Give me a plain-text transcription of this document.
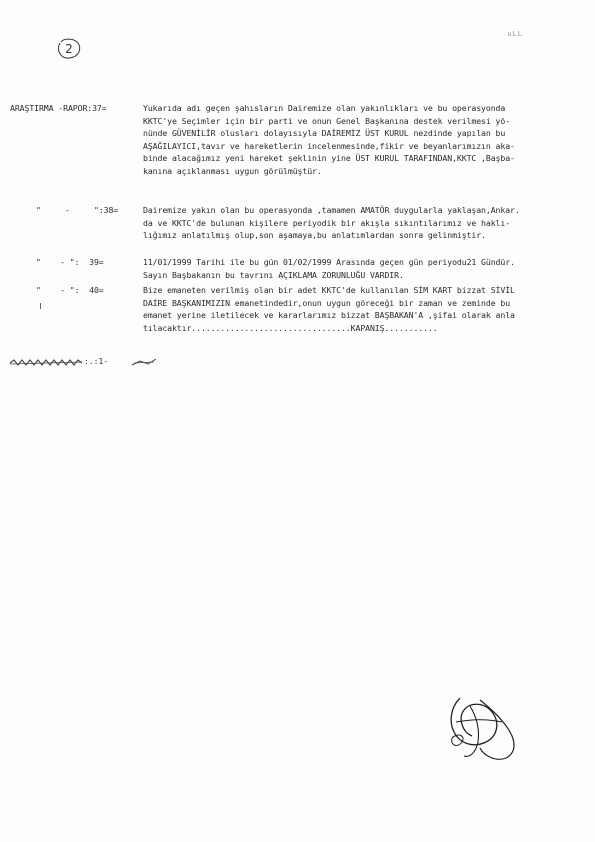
uLL
2
ARAŞTIRMA -RAPOR:37=	Yukarıda adı geçen şahısların Dairemize olan yakınlıkları ve bu operasyonda
KKTC'ye Seçimler için bir parti ve onun Genel Başkanına destek verilmesi yö-
nünde GÜVENİLİR olusları dolayısıyla DAİREMİZ ÜST KURUL nezdinde yapılan bu
AŞAĞILAYICI,tavır ve hareketlerin incelenmesinde,fikir ve beyanlarımızın aka-
binde alacağımız yeni hareket şeklinin yine ÜST KURUL TARAFINDAN,KKTC ,Başba-
kanına açıklanması uygun görülmüştür.
"     -     ":38=	Dairemize yakın olan bu operasyonda ,tamamen AMATÖR duygularla yaklaşan,Ankar.
da ve KKTC'de bulunan kişilere periyodik bir akışla sıkıntılarımız ve haklı-
lığımız anlatılmış olup,son aşamaya,bu anlatımlardan sonra gelinmiştir.
"    - ":  39=	11/01/1999 Tarihi ile bu gün 01/02/1999 Arasında geçen gün periyodu21 Gündür.
Sayın Başbakanın bu tavrını AÇIKLAMA ZORUNLUĞU VARDIR.
"    - ":  40=	Bize emaneten verilmiş olan bir adet KKTC'de kullanılan SİM KART bizzat SİVİL
DAİRE BAŞKANIMIZIN emanetindedir,onun uygun göreceği bir zaman ve zeminde bu
emanet yerine iletilecek ve kararlarımız bizzat BAŞBAKAN'A ,şifai olarak anla
tılacaktır.................................KAPANIŞ...........
:.:1-
